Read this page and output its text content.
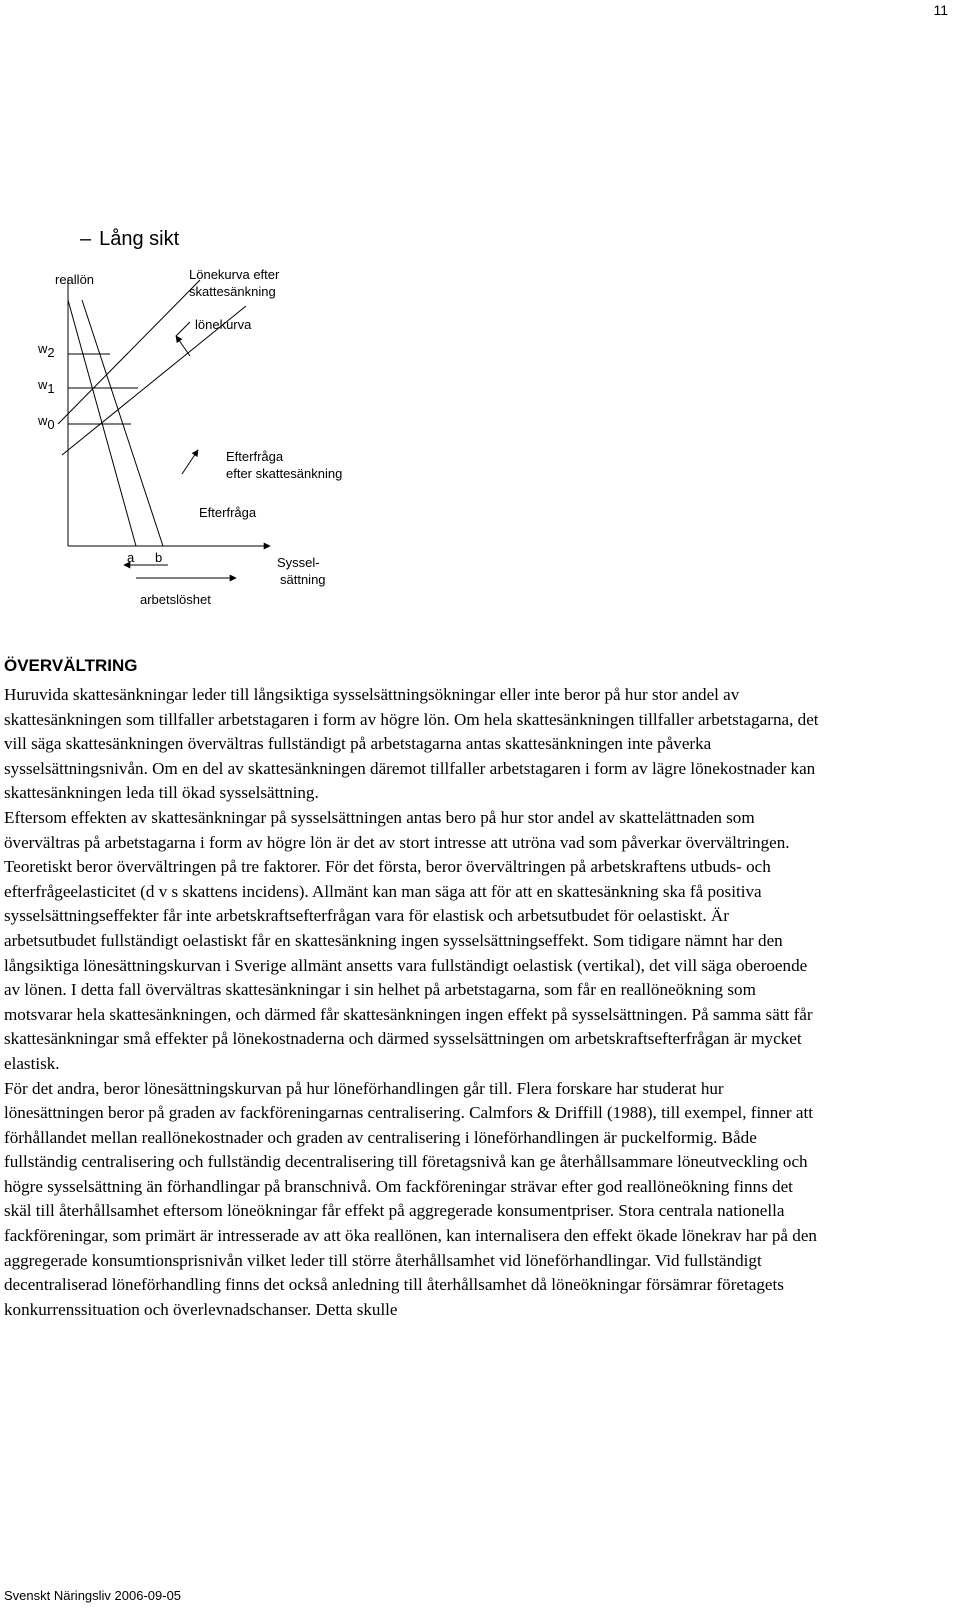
11
– Lång sikt
reallön
Syssel-
sättning
w2
w1
w0
Lönekurva efter
skattesänkning
lönekurva
Efterfråga
efter skattesänkning
Efterfråga
a b
arbetslöshet
ÖVERVÄLTRING

Huruvida skattesänkningar leder till långsiktiga sysselsättningsökningar eller inte beror på hur stor andel av skattesänkningen som tillfaller arbetstagaren i form av högre lön. Om hela skattesänkningen tillfaller arbetstagarna, det vill säga skattesänkningen övervältras fullständigt på arbetstagarna antas skattesänkningen inte påverka sysselsättningsnivån. Om en del av skattesänkningen däremot tillfaller arbetstagaren i form av lägre lönekostnader kan skattesänkningen leda till ökad sysselsättning.

Eftersom effekten av skattesänkningar på sysselsättningen antas bero på hur stor andel av skattelättnaden som övervältras på arbetstagarna i form av högre lön är det av stort intresse att utröna vad som påverkar övervältringen. Teoretiskt beror övervältringen på tre faktorer. För det första, beror övervältringen på arbetskraftens utbuds- och efterfrågeelasticitet (d v s skattens incidens). Allmänt kan man säga att för att en skattesänkning ska få positiva sysselsättningseffekter får inte arbetskraftsefterfrågan vara för elastisk och arbetsutbudet för oelastiskt. Är arbetsutbudet fullständigt oelastiskt får en skattesänkning ingen sysselsättningseffekt. Som tidigare nämnt har den långsiktiga lönesättningskurvan i Sverige allmänt ansetts vara fullständigt oelastisk (vertikal), det vill säga oberoende av lönen. I detta fall övervältras skattesänkningar i sin helhet på arbetstagarna, som får en reallöneökning som motsvarar hela skattesänkningen, och därmed får skattesänkningen ingen effekt på sysselsättningen. På samma sätt får skattesänkningar små effekter på lönekostnaderna och därmed sysselsättningen om arbetskraftsefterfrågan är mycket elastisk.

För det andra, beror lönesättningskurvan på hur löneförhandlingen går till. Flera forskare har studerat hur lönesättningen beror på graden av fackföreningarnas centralisering. Calmfors & Driffill (1988), till exempel, finner att förhållandet mellan reallönekostnader och graden av centralisering i löneförhandlingen är puckelformig. Både fullständig centralisering och fullständig decentralisering till företagsnivå kan ge återhållsammare löneutveckling och högre sysselsättning än förhandlingar på branschnivå. Om fackföreningar strävar efter god reallöneökning finns det skäl till återhållsamhet eftersom löneökningar får effekt på aggregerade konsumentpriser. Stora centrala nationella fackföreningar, som primärt är intresserade av att öka reallönen, kan internalisera den effekt ökade lönekrav har på den aggregerade konsumtionsprisnivån vilket leder till större återhållsamhet vid löneförhandlingar. Vid fullständigt decentraliserad löneförhandling finns det också anledning till återhållsamhet då löneökningar försämrar företagets konkurrenssituation och överlevnadschanser. Detta skulle

Svenskt Näringsliv 2006-09-05
